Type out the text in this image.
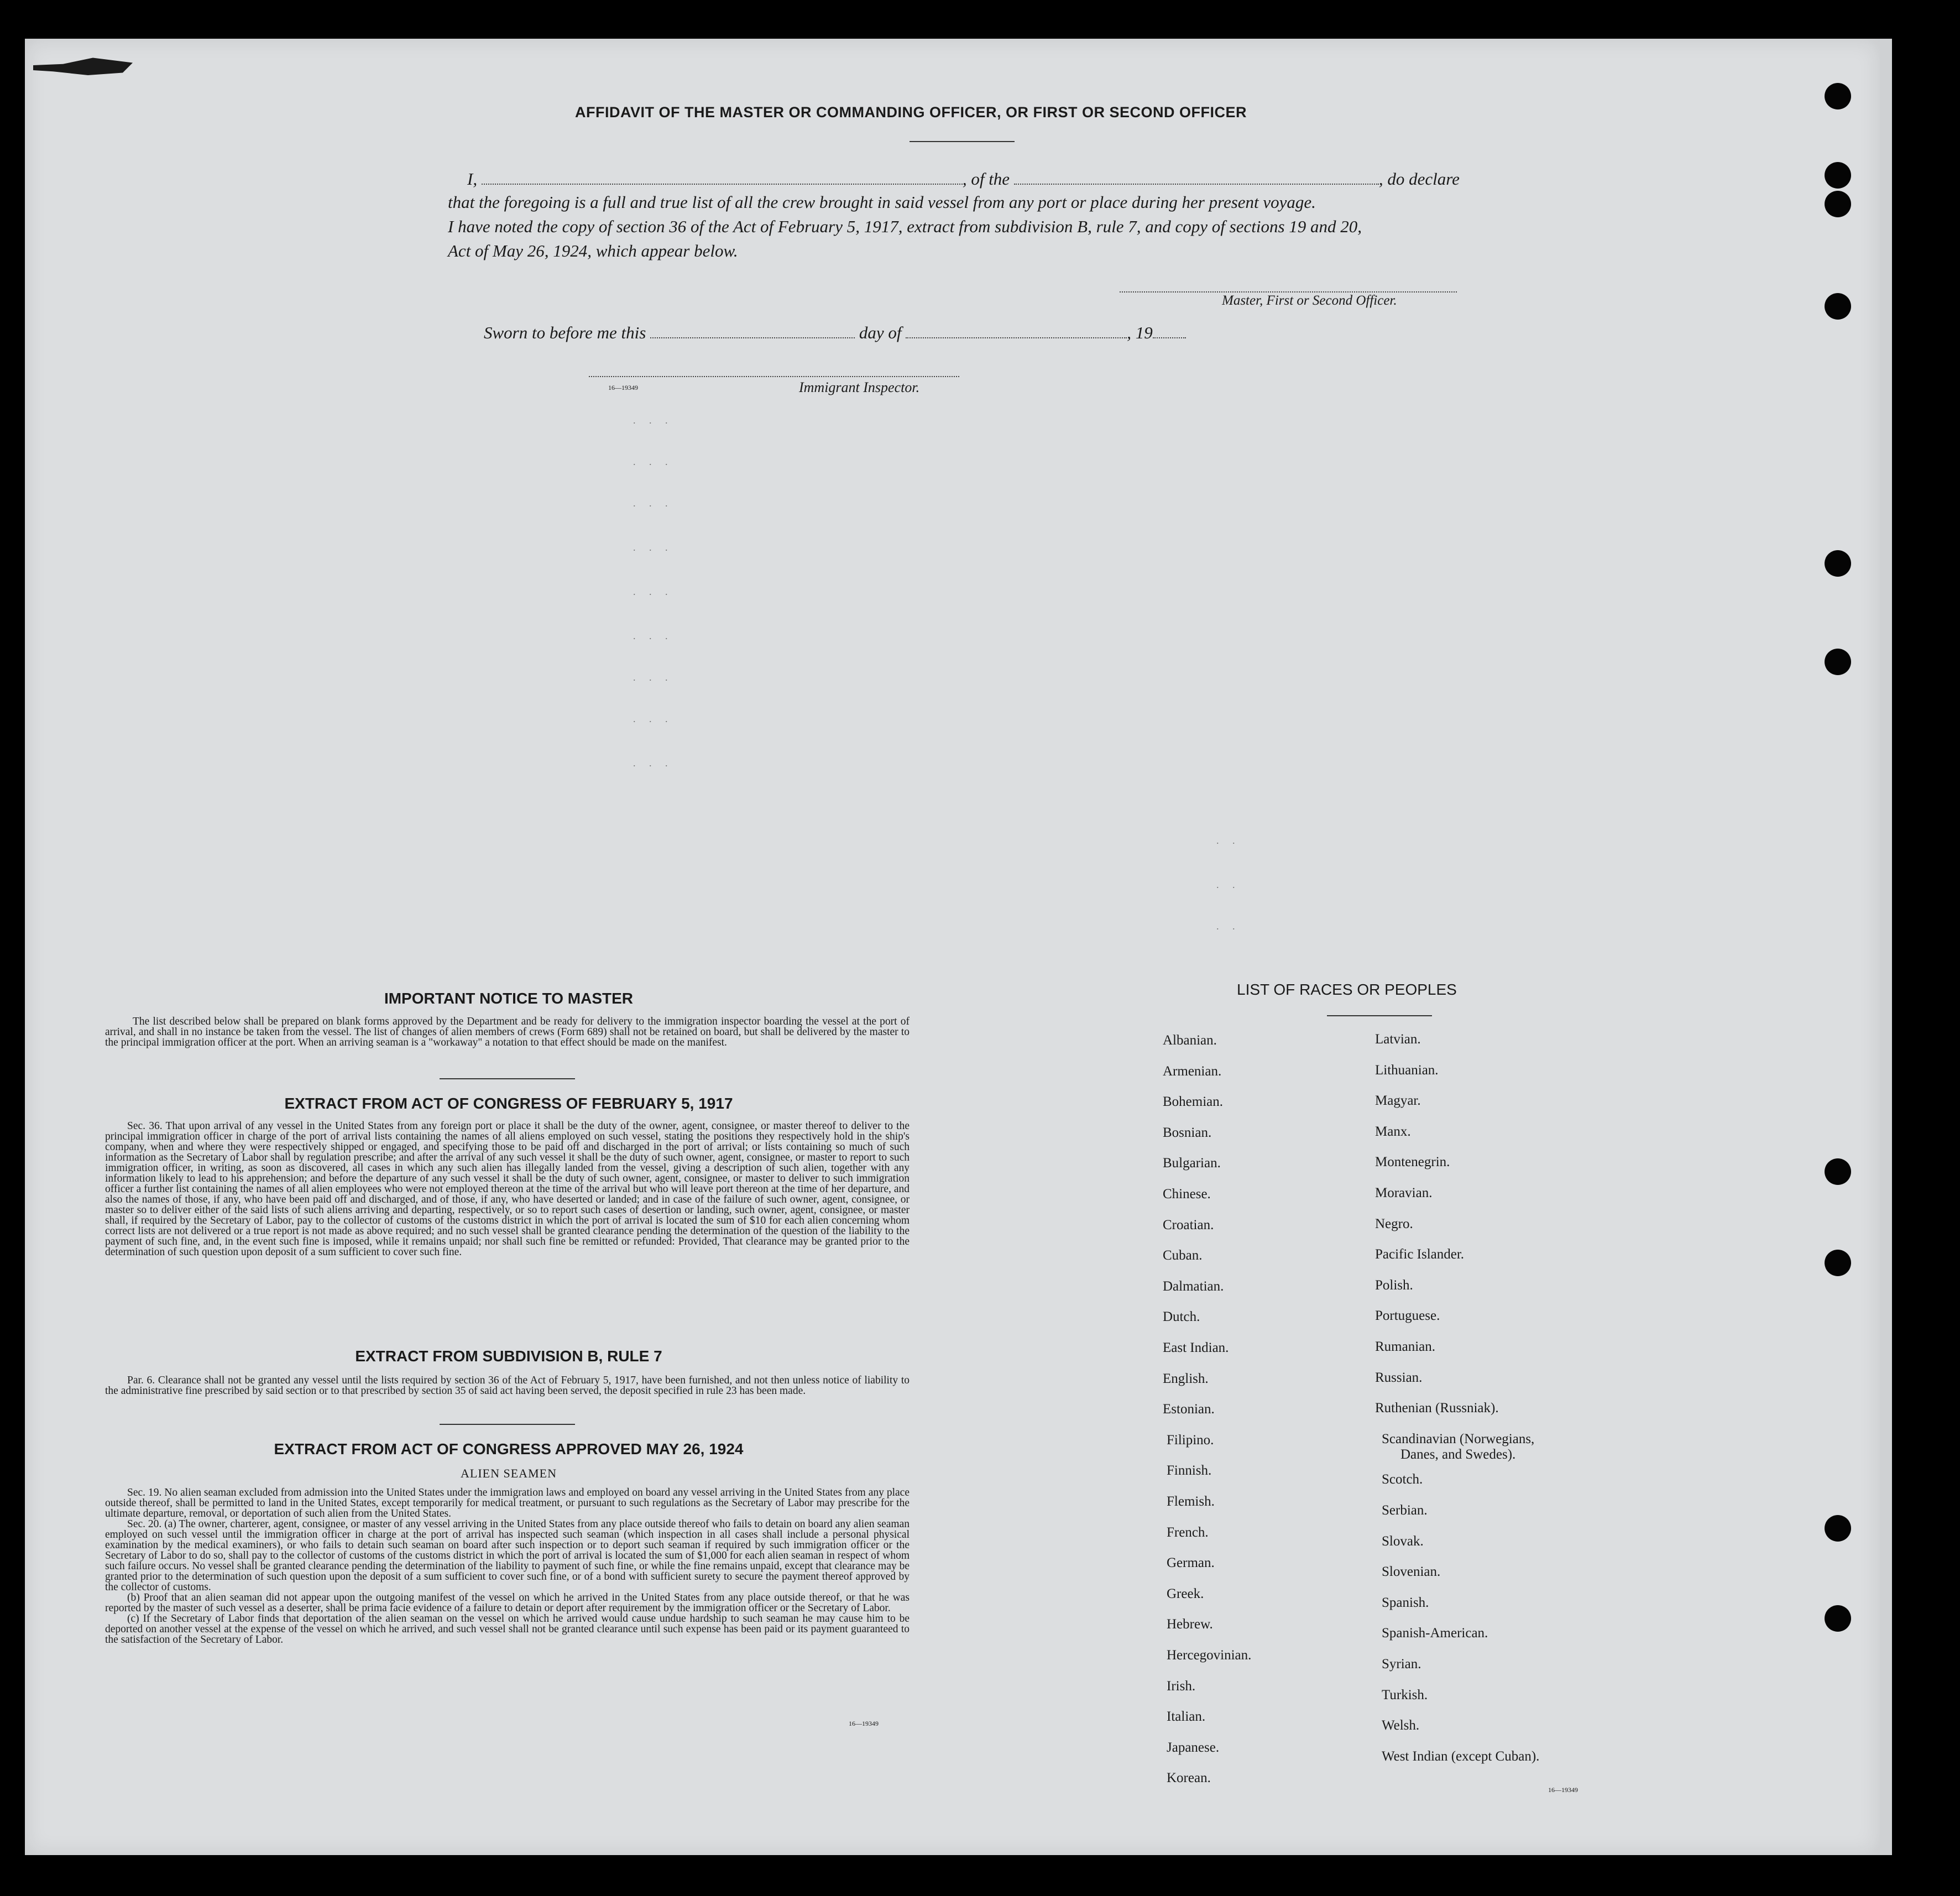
AFFIDAVIT OF THE MASTER OR COMMANDING OFFICER, OR FIRST OR SECOND OFFICER
I,	, of the	, do declare
that the foregoing is a full and true list of all the crew brought in said vessel from any port or place during her present voyage.
I have noted the copy of section 36 of the Act of February 5, 1917, extract from subdivision B, rule 7, and copy of sections 19 and 20,
Act of May 26, 1924, which appear below.
Master, First or Second Officer.
Sworn to before me this	day of	, 19
16—19349	Immigrant Inspector.
. . .
. . .
. . .
. . .
. . .
. . .
. . .
. . .
. . .
. .
. .
. .
IMPORTANT NOTICE TO MASTER
The list described below shall be prepared on blank forms approved by the Department and be ready for delivery to the immigration inspector boarding the vessel at the port of arrival, and shall in no instance be taken from the vessel. The list of changes of alien members of crews (Form 689) shall not be retained on board, but shall be delivered by the master to the principal immigration officer at the port. When an arriving seaman is a "workaway" a notation to that effect should be made on the manifest.
EXTRACT FROM ACT OF CONGRESS OF FEBRUARY 5, 1917
Sec. 36. That upon arrival of any vessel in the United States from any foreign port or place it shall be the duty of the owner, agent, consignee, or master thereof to deliver to the principal immigration officer in charge of the port of arrival lists containing the names of all aliens employed on such vessel, stating the positions they respectively hold in the ship's company, when and where they were respectively shipped or engaged, and specifying those to be paid off and discharged in the port of arrival; or lists containing so much of such information as the Secretary of Labor shall by regulation prescribe; and after the arrival of any such vessel it shall be the duty of such owner, agent, consignee, or master to report to such immigration officer, in writing, as soon as discovered, all cases in which any such alien has illegally landed from the vessel, giving a description of such alien, together with any information likely to lead to his apprehension; and before the departure of any such vessel it shall be the duty of such owner, agent, consignee, or master to deliver to such immigration officer a further list containing the names of all alien employees who were not employed thereon at the time of the arrival but who will leave port thereon at the time of her departure, and also the names of those, if any, who have been paid off and discharged, and of those, if any, who have deserted or landed; and in case of the failure of such owner, agent, consignee, or master so to deliver either of the said lists of such aliens arriving and departing, respectively, or so to report such cases of desertion or landing, such owner, agent, consignee, or master shall, if required by the Secretary of Labor, pay to the collector of customs of the customs district in which the port of arrival is located the sum of $10 for each alien concerning whom correct lists are not delivered or a true report is not made as above required; and no such vessel shall be granted clearance pending the determination of the question of the liability to the payment of such fine, and, in the event such fine is imposed, while it remains unpaid; nor shall such fine be remitted or refunded: Provided, That clearance may be granted prior to the determination of such question upon deposit of a sum sufficient to cover such fine.
EXTRACT FROM SUBDIVISION B, RULE 7
Par. 6. Clearance shall not be granted any vessel until the lists required by section 36 of the Act of February 5, 1917, have been furnished, and not then unless notice of liability to the administrative fine prescribed by said section or to that prescribed by section 35 of said act having been served, the deposit specified in rule 23 has been made.
EXTRACT FROM ACT OF CONGRESS APPROVED MAY 26, 1924
ALIEN SEAMEN
Sec. 19. No alien seaman excluded from admission into the United States under the immigration laws and employed on board any vessel arriving in the United States from any place outside thereof, shall be permitted to land in the United States, except temporarily for medical treatment, or pursuant to such regulations as the Secretary of Labor may prescribe for the ultimate departure, removal, or deportation of such alien from the United States.
Sec. 20. (a) The owner, charterer, agent, consignee, or master of any vessel arriving in the United States from any place outside thereof who fails to detain on board any alien seaman employed on such vessel until the immigration officer in charge at the port of arrival has inspected such seaman (which inspection in all cases shall include a personal physical examination by the medical examiners), or who fails to detain such seaman on board after such inspection or to deport such seaman if required by such immigration officer or the Secretary of Labor to do so, shall pay to the collector of customs of the customs district in which the port of arrival is located the sum of $1,000 for each alien seaman in respect of whom such failure occurs. No vessel shall be granted clearance pending the determination of the liability to payment of such fine, or while the fine remains unpaid, except that clearance may be granted prior to the determination of such question upon the deposit of a sum sufficient to cover such fine, or of a bond with sufficient surety to secure the payment thereof approved by the collector of customs.
(b) Proof that an alien seaman did not appear upon the outgoing manifest of the vessel on which he arrived in the United States from any place outside thereof, or that he was reported by the master of such vessel as a deserter, shall be prima facie evidence of a failure to detain or deport after requirement by the immigration officer or the Secretary of Labor.
(c) If the Secretary of Labor finds that deportation of the alien seaman on the vessel on which he arrived would cause undue hardship to such seaman he may cause him to be deported on another vessel at the expense of the vessel on which he arrived, and such vessel shall not be granted clearance until such expense has been paid or its payment guaranteed to the satisfaction of the Secretary of Labor.
16—19349
LIST OF RACES OR PEOPLES
Albanian.
Armenian.
Bohemian.
Bosnian.
Bulgarian.
Chinese.
Croatian.
Cuban.
Dalmatian.
Dutch.
East Indian.
English.
Estonian.
Filipino.
Finnish.
Flemish.
French.
German.
Greek.
Hebrew.
Hercegovinian.
Irish.
Italian.
Japanese.
Korean.
Latvian.
Lithuanian.
Magyar.
Manx.
Montenegrin.
Moravian.
Negro.
Pacific Islander.
Polish.
Portuguese.
Rumanian.
Russian.
Ruthenian (Russniak).
Scandinavian (Norwegians,
Danes, and Swedes).
Scotch.
Serbian.
Slovak.
Slovenian.
Spanish.
Spanish-American.
Syrian.
Turkish.
Welsh.
West Indian (except Cuban).
16—19349
